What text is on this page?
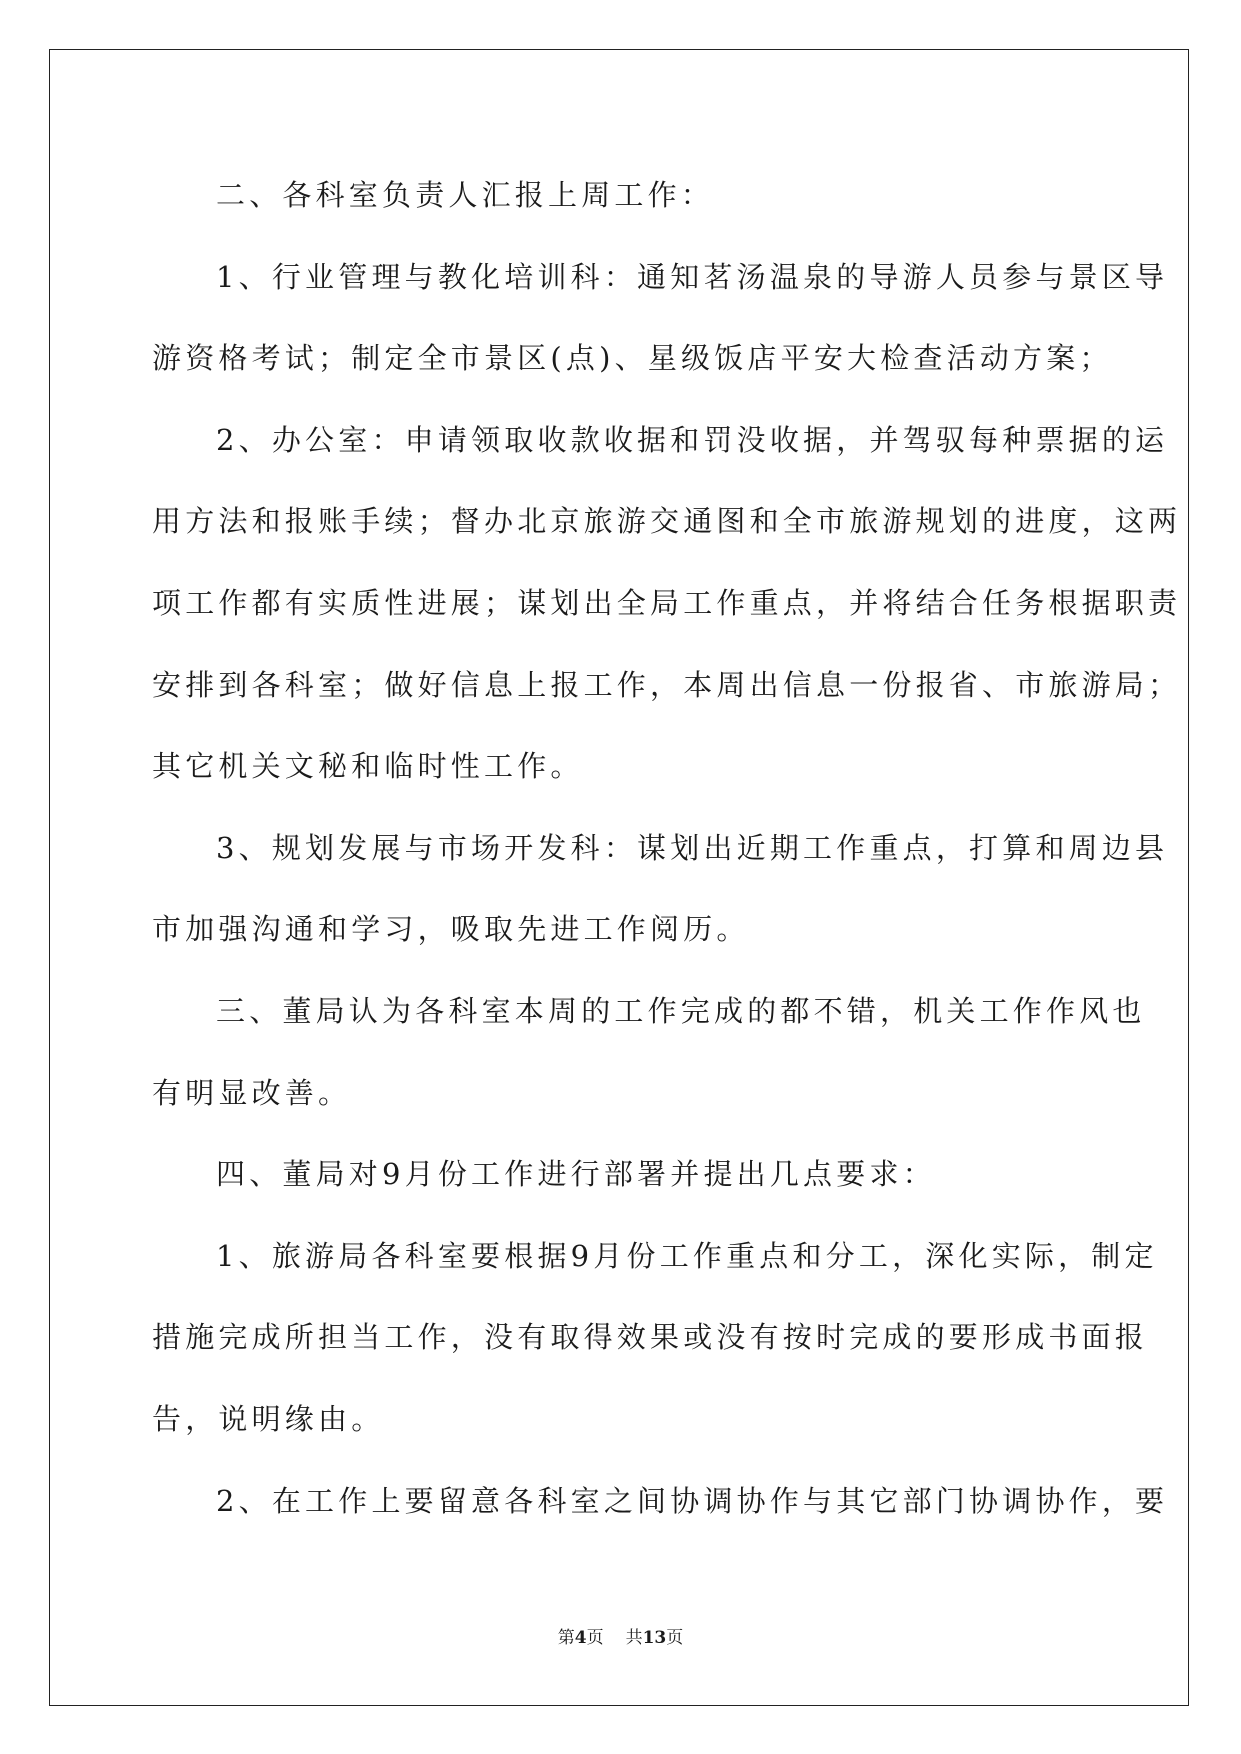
二、各科室负责人汇报上周工作：
1、行业管理与教化培训科：通知茗汤温泉的导游人员参与景区导
游资格考试；制定全市景区(点)、星级饭店平安大检查活动方案；
2、办公室：申请领取收款收据和罚没收据，并驾驭每种票据的运
用方法和报账手续；督办北京旅游交通图和全市旅游规划的进度，这两
项工作都有实质性进展；谋划出全局工作重点，并将结合任务根据职责
安排到各科室；做好信息上报工作，本周出信息一份报省、市旅游局；
其它机关文秘和临时性工作。
3、规划发展与市场开发科：谋划出近期工作重点，打算和周边县
市加强沟通和学习，吸取先进工作阅历。
三、董局认为各科室本周的工作完成的都不错，机关工作作风也
有明显改善。
四、董局对9月份工作进行部署并提出几点要求：
1、旅游局各科室要根据9月份工作重点和分工，深化实际，制定
措施完成所担当工作，没有取得效果或没有按时完成的要形成书面报
告，说明缘由。
2、在工作上要留意各科室之间协调协作与其它部门协调协作，要
第4页 共13页
